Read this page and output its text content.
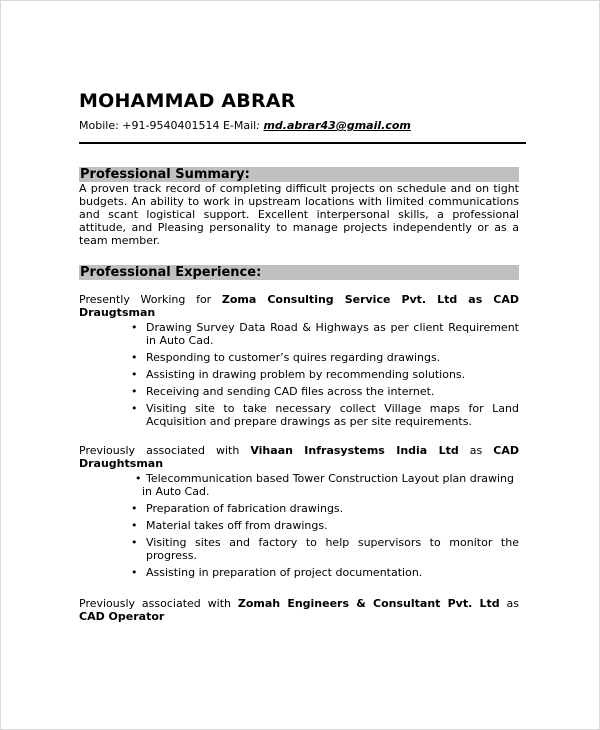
MOHAMMAD ABRAR
Mobile: +91-9540401514 E-Mail: md.abrar43@gmail.com
Professional Summary:
A proven track record of completing difficult projects on schedule and on tight budgets. An ability to work in upstream locations with limited communications and scant logistical support. Excellent interpersonal skills, a professional attitude, and Pleasing personality to manage projects independently or as a team member.
Professional Experience:
Presently Working for Zoma Consulting Service Pvt. Ltd as CAD
Draugtsman
• Drawing Survey Data Road & Highways as per client Requirement in Auto Cad.
• Responding to customer’s quires regarding drawings.
• Assisting in drawing problem by recommending solutions.
• Receiving and sending CAD files across the internet.
• Visiting site to take necessary collect Village maps for Land Acquisition and prepare drawings as per site requirements.
Previously associated with Vihaan Infrasystems India Ltd as CAD
Draughtsman
• Telecommunication based Tower Construction Layout plan drawing in Auto Cad.
• Preparation of fabrication drawings.
• Material takes off from drawings.
• Visiting sites and factory to help supervisors to monitor the progress.
• Assisting in preparation of project documentation.
Previously associated with Zomah Engineers & Consultant Pvt. Ltd as
CAD Operator
